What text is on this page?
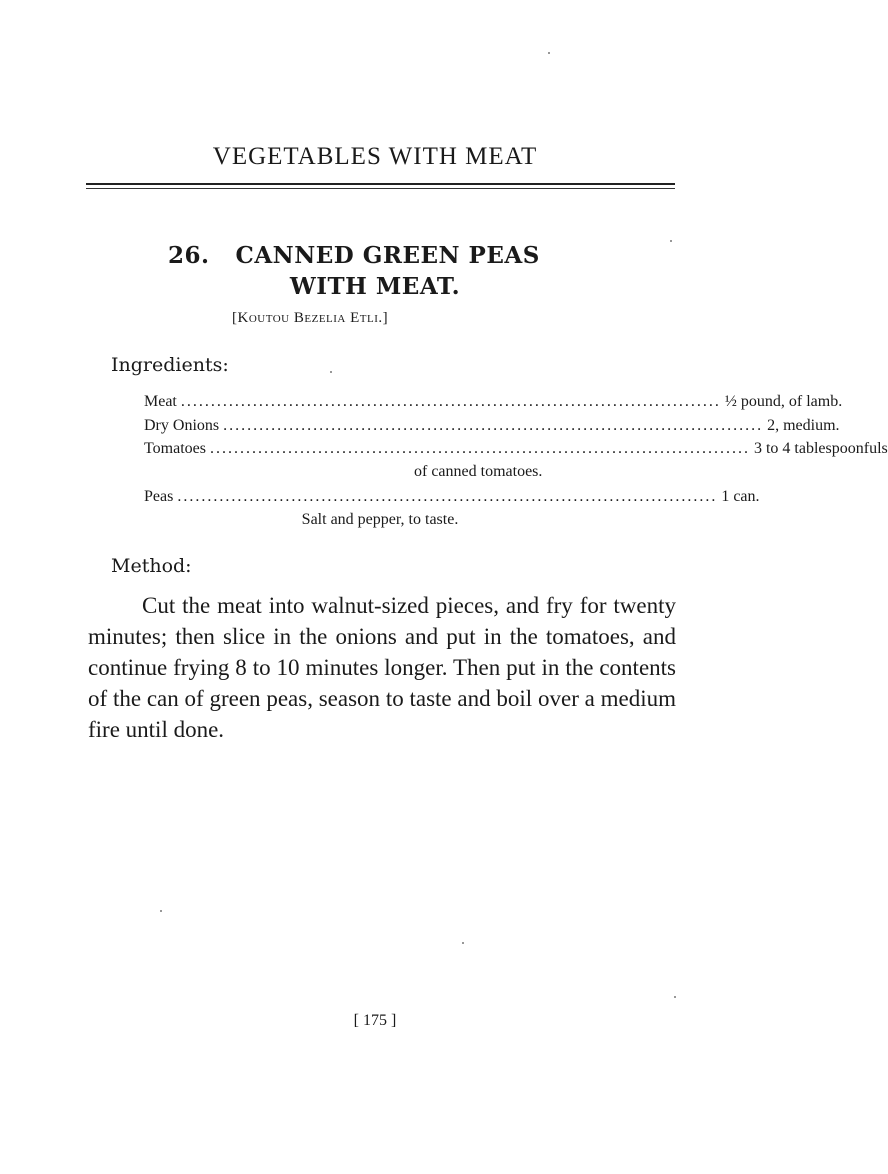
VEGETABLES WITH MEAT
26. CANNED GREEN PEAS
WITH MEAT.
[Koutou Bezelia Etli.]
Ingredients:
Meat .......................................................................................... ½ pound, of lamb.
Dry Onions .......................................................................................... 2, medium.
Tomatoes .......................................................................................... 3 to 4 tablespoonfuls
of canned tomatoes.
Peas .......................................................................................... 1 can.
Salt and pepper, to taste.
Method:
Cut the meat into walnut-sized pieces, and fry for twenty minutes; then slice in the onions and put in the tomatoes, and continue frying 8 to 10 minutes longer. Then put in the contents of the can of green peas, season to taste and boil over a medium fire until done.
[ 175 ]
